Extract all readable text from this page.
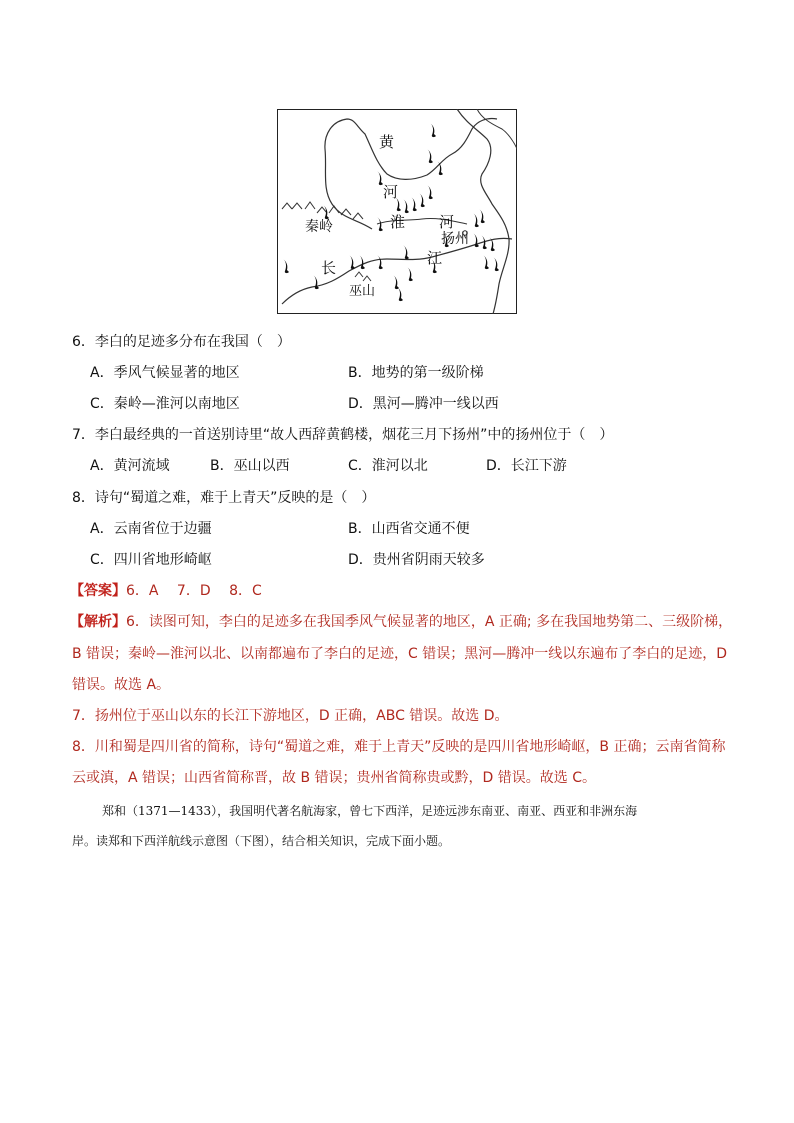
黄
河
淮 河
秦岭
扬州
长
江
巫山
6．李白的足迹多分布在我国（　）
A．季风气候显著的地区	B．地势的第一级阶梯
C．秦岭—淮河以南地区	D．黑河—腾冲一线以西
7．李白最经典的一首送别诗里“故人西辞黄鹤楼，烟花三月下扬州”中的扬州位于（　）
A．黄河流域	B．巫山以西	C．淮河以北	D．长江下游
8．诗句“蜀道之难，难于上青天”反映的是（　）
A．云南省位于边疆	B．山西省交通不便
C．四川省地形崎岖	D．贵州省阴雨天较多
【答案】6．A　 7．D　 8．C
【解析】6．读图可知，李白的足迹多在我国季风气候显著的地区，A 正确; 多在我国地势第二、三级阶梯，
B 错误；秦岭—淮河以北、以南都遍布了李白的足迹，C 错误；黑河—腾冲一线以东遍布了李白的足迹，D
错误。故选 A。
7．扬州位于巫山以东的长江下游地区，D 正确，ABC 错误。故选 D。
8．川和蜀是四川省的简称，诗句“蜀道之难，难于上青天”反映的是四川省地形崎岖，B 正确；云南省简称
云或滇，A 错误；山西省简称晋，故 B 错误；贵州省简称贵或黔，D 错误。故选 C。
郑和（1371—1433），我国明代著名航海家，曾七下西洋，足迹远涉东南亚、南亚、西亚和非洲东海
岸。读郑和下西洋航线示意图（下图），结合相关知识，完成下面小题。
